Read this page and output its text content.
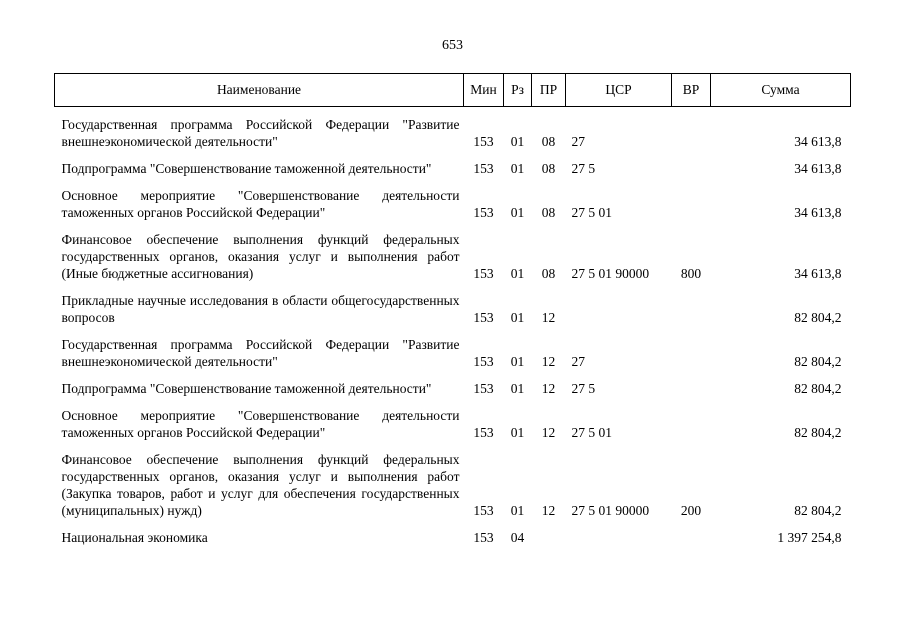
653
Наименование	Мин	Рз	ПР	ЦСР	ВР	Сумма

Государственная программа Российской Федерации "Развитие внешнеэкономической деятельности"	153	01	08	27		34 613,8

Подпрограмма "Совершенствование таможенной деятельности"	153	01	08	27 5		34 613,8

Основное мероприятие "Совершенствование деятельности таможенных органов Российской Федерации"	153	01	08	27 5 01		34 613,8

Финансовое обеспечение выполнения функций федеральных государственных органов, оказания услуг и выполнения работ (Иные бюджетные ассигнования)	153	01	08	27 5 01 90000	800	34 613,8

Прикладные научные исследования в области общегосударственных вопросов	153	01	12			82 804,2

Государственная программа Российской Федерации "Развитие внешнеэкономической деятельности"	153	01	12	27		82 804,2

Подпрограмма "Совершенствование таможенной деятельности"	153	01	12	27 5		82 804,2

Основное мероприятие "Совершенствование деятельности таможенных органов Российской Федерации"	153	01	12	27 5 01		82 804,2

Финансовое обеспечение выполнения функций федеральных государственных органов, оказания услуг и выполнения работ (Закупка товаров, работ и услуг для обеспечения государственных (муниципальных) нужд)	153	01	12	27 5 01 90000	200	82 804,2

Национальная экономика	153	04				1 397 254,8
